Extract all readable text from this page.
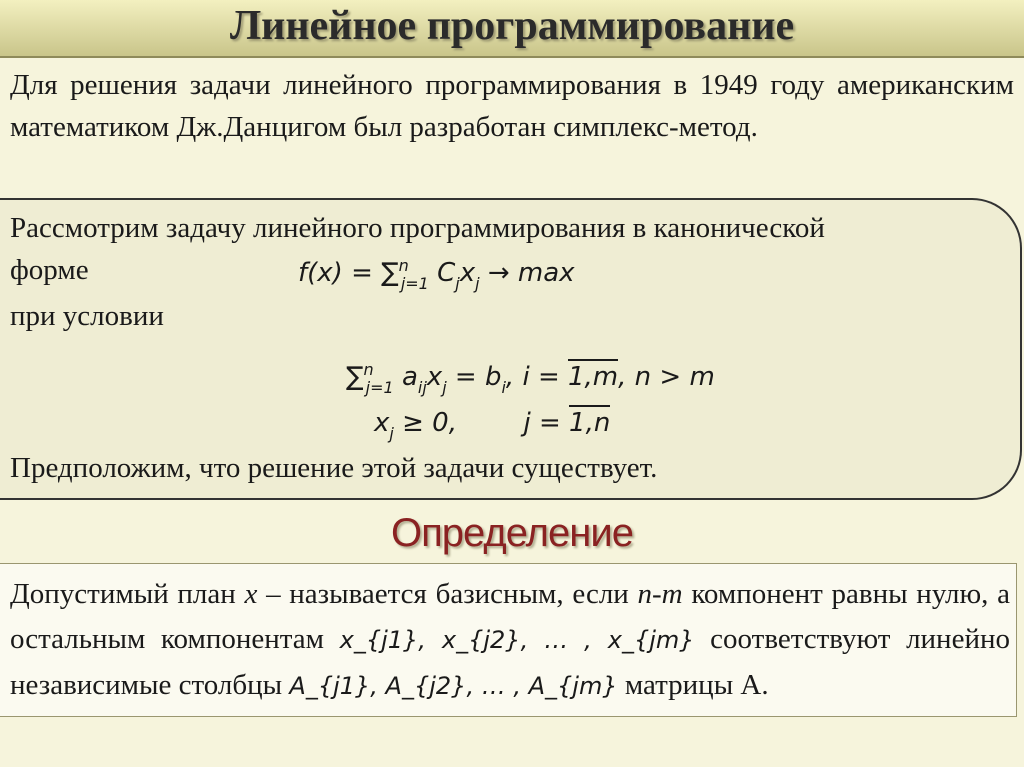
Линейное программирование
Для решения задачи линейного программирования в 1949 году американским математиком Дж.Данцигом был разработан симплекс-метод.
Рассмотрим задачу линейного программирования в канонической
форме	f(x) = ∑$^n_{j=1}$ $C_jx_j \to \max$
при условии
∑$^n_{j=1}$ $a_{ij}x_j = b_i$, i = 1,m, n > m
$x_j \ge 0$,	j = 1,n
Предположим, что решение этой задачи существует.
Определение
Допустимый план x – называется базисным, если n-m компонент равны нулю, а остальным компонентам x_{j1}, x_{j2}, … , x_{jm} соответствуют линейно независимые столбцы A_{j1}, A_{j2}, … , A_{jm} матрицы A.
